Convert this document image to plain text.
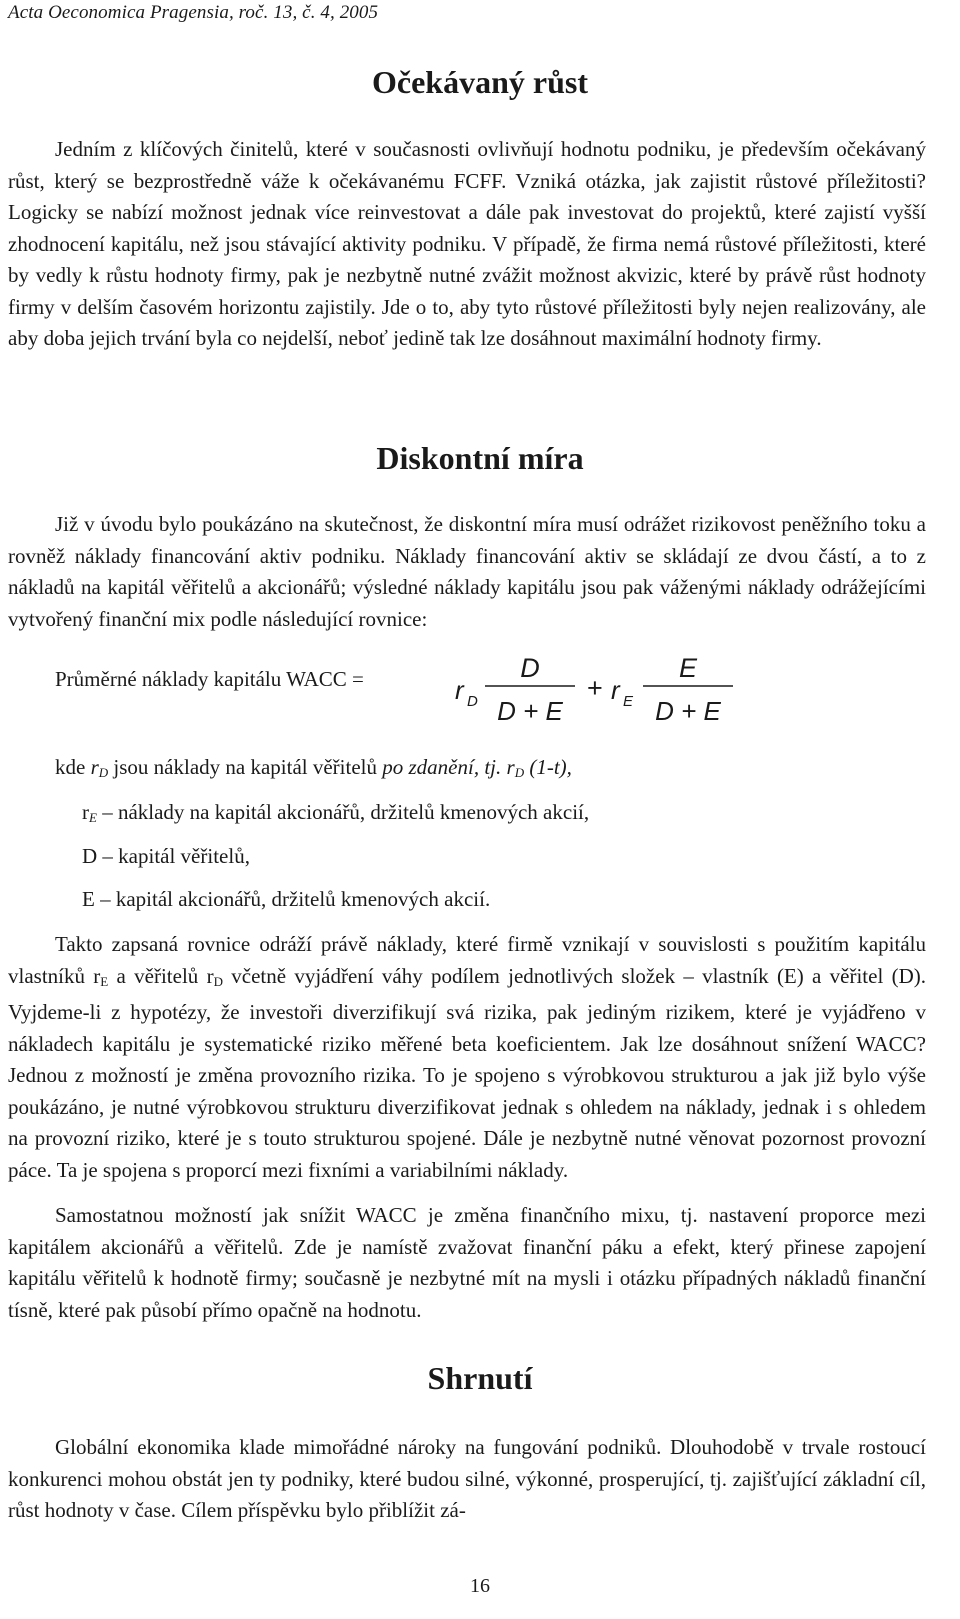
Acta Oeconomica Pragensia, roč. 13, č. 4, 2005
Očekávaný růst

Jedním z klíčových činitelů, které v současnosti ovlivňují hodnotu podniku, je především očekávaný růst, který se bezprostředně váže k očekávanému FCFF. Vzniká otázka, jak zajistit růstové příležitosti? Logicky se nabízí možnost jednak více reinvestovat a dále pak investovat do projektů, které zajistí vyšší zhodnocení kapitálu, než jsou stávající aktivity podniku. V případě, že firma nemá růstové příležitosti, které by vedly k růstu hodnoty firmy, pak je nezbytně nutné zvážit možnost akvizic, které by právě růst hodnoty firmy v delším časovém horizontu zajistily. Jde o to, aby tyto růstové příležitosti byly nejen realizovány, ale aby doba jejich trvání byla co nejdelší, neboť jedině tak lze dosáhnout maximální hodnoty firmy.

Diskontní míra

Již v úvodu bylo poukázáno na skutečnost, že diskontní míra musí odrážet rizikovost peněžního toku a rovněž náklady financování aktiv podniku. Náklady financování aktiv se skládají ze dvou částí, a to z nákladů na kapitál věřitelů a akcionářů; výsledné náklady kapitálu jsou pak váženými náklady odrážejícími vytvořený finanční mix podle následující rovnice:

Průměrné náklady kapitálu WACC =	r D
D
D + E
+ r E
E
D + E
kde $r_D$ jsou náklady na kapitál věřitelů po zdanění, tj. $r_D$ (1-t),
$r_E$ – náklady na kapitál akcionářů, držitelů kmenových akcií,
D – kapitál věřitelů,
E – kapitál akcionářů, držitelů kmenových akcií.

Takto zapsaná rovnice odráží právě náklady, které firmě vznikají v souvislosti s použitím kapitálu vlastníků $r_E$ a věřitelů $r_D$ včetně vyjádření váhy podílem jednotlivých složek – vlastník (E) a věřitel (D). Vyjdeme-li z hypotézy, že investoři diverzifikují svá rizika, pak jediným rizikem, které je vyjádřeno v nákladech kapitálu je systematické riziko měřené beta koeficientem. Jak lze dosáhnout snížení WACC? Jednou z možností je změna provozního rizika. To je spojeno s výrobkovou strukturou a jak již bylo výše poukázáno, je nutné výrobkovou strukturu diverzifikovat jednak s ohledem na náklady, jednak i s ohledem na provozní riziko, které je s touto strukturou spojené. Dále je nezbytně nutné věnovat pozornost provozní páce. Ta je spojena s proporcí mezi fixními a variabilními náklady.

Samostatnou možností jak snížit WACC je změna finančního mixu, tj. nastavení proporce mezi kapitálem akcionářů a věřitelů. Zde je namístě zvažovat finanční páku a efekt, který přinese zapojení kapitálu věřitelů k hodnotě firmy; současně je nezbytné mít na mysli i otázku případných nákladů finanční tísně, které pak působí přímo opačně na hodnotu.

Shrnutí

Globální ekonomika klade mimořádné nároky na fungování podniků. Dlouhodobě v trvale rostoucí konkurenci mohou obstát jen ty podniky, které budou silné, výkonné, prosperující, tj. zajišťující základní cíl, růst hodnoty v čase. Cílem příspěvku bylo přiblížit zá-

16
